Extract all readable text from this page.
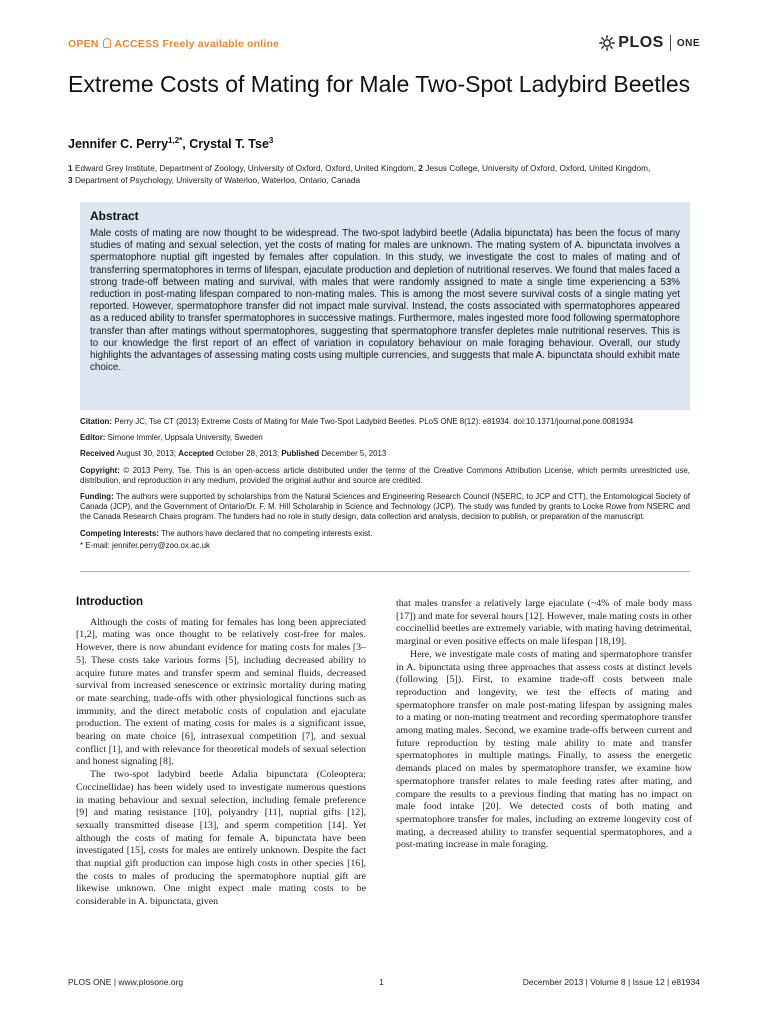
OPEN ACCESS Freely available online	PLOS ONE
Extreme Costs of Mating for Male Two-Spot Ladybird Beetles
Jennifer C. Perry$^{1,2*}$, Crystal T. Tse$^3$
1 Edward Grey Institute, Department of Zoology, University of Oxford, Oxford, United Kingdom, 2 Jesus College, University of Oxford, Oxford, United Kingdom,
3 Department of Psychology, University of Waterloo, Waterloo, Ontario, Canada
Abstract

Male costs of mating are now thought to be widespread. The two-spot ladybird beetle (Adalia bipunctata) has been the focus of many studies of mating and sexual selection, yet the costs of mating for males are unknown. The mating system of A. bipunctata involves a spermatophore nuptial gift ingested by females after copulation. In this study, we investigate the cost to males of mating and of transferring spermatophores in terms of lifespan, ejaculate production and depletion of nutritional reserves. We found that males faced a strong trade-off between mating and survival, with males that were randomly assigned to mate a single time experiencing a 53% reduction in post-mating lifespan compared to non-mating males. This is among the most severe survival costs of a single mating yet reported. However, spermatophore transfer did not impact male survival. Instead, the costs associated with spermatophores appeared as a reduced ability to transfer spermatophores in successive matings. Furthermore, males ingested more food following spermatophore transfer than after matings without spermatophores, suggesting that spermatophore transfer depletes male nutritional reserves. This is to our knowledge the first report of an effect of variation in copulatory behaviour on male foraging behaviour. Overall, our study highlights the advantages of assessing mating costs using multiple currencies, and suggests that male A. bipunctata should exhibit mate choice.

Citation: Perry JC, Tse CT (2013) Extreme Costs of Mating for Male Two-Spot Ladybird Beetles. PLoS ONE 8(12): e81934. doi:10.1371/journal.pone.0081934
Editor: Simone Immler, Uppsala University, Sweden
Received August 30, 2013; Accepted October 28, 2013; Published December 5, 2013
Copyright: © 2013 Perry, Tse. This is an open-access article distributed under the terms of the Creative Commons Attribution License, which permits unrestricted use, distribution, and reproduction in any medium, provided the original author and source are credited.
Funding: The authors were supported by scholarships from the Natural Sciences and Engineering Research Council (NSERC, to JCP and CTT), the Entomological Society of Canada (JCP), and the Government of Ontario/Dr. F. M. Hill Scholarship in Science and Technology (JCP). The study was funded by grants to Locke Rowe from NSERC and the Canada Research Chairs program. The funders had no role in study design, data collection and analysis, decision to publish, or preparation of the manuscript.
Competing Interests: The authors have declared that no competing interests exist.
* E-mail: jennifer.perry@zoo.ox.ac.uk
Introduction

Although the costs of mating for females has long been appreciated [1,2], mating was once thought to be relatively cost-free for males. However, there is now abundant evidence for mating costs for males [3–5]. These costs take various forms [5], including decreased ability to acquire future mates and transfer sperm and seminal fluids, decreased survival from increased senescence or extrinsic mortality during mating or mate searching, trade-offs with other physiological functions such as immunity, and the direct metabolic costs of copulation and ejaculate production. The extent of mating costs for males is a significant issue, bearing on mate choice [6], intrasexual competition [7], and sexual conflict [1], and with relevance for theoretical models of sexual selection and honest signaling [8].

The two-spot ladybird beetle Adalia bipunctata (Coleoptera: Coccinellidae) has been widely used to investigate numerous questions in mating behaviour and sexual selection, including female preference [9] and mating resistance [10], polyandry [11], nuptial gifts [12], sexually transmitted disease [13], and sperm competition [14]. Yet although the costs of mating for female A. bipunctata have been investigated [15], costs for males are entirely unknown. Despite the fact that nuptial gift production can impose high costs in other species [16], the costs to males of producing the spermatophore nuptial gift are likewise unknown. One might expect male mating costs to be considerable in A. bipunctata, given

that males transfer a relatively large ejaculate (~4% of male body mass [17]) and mate for several hours [12]. However, male mating costs in other coccinellid beetles are extremely variable, with mating having detrimental, marginal or even positive effects on male lifespan [18,19].

Here, we investigate male costs of mating and spermatophore transfer in A. bipunctata using three approaches that assess costs at distinct levels (following [5]). First, to examine trade-off costs between male reproduction and longevity, we test the effects of mating and spermatophore transfer on male post-mating lifespan by assigning males to a mating or non-mating treatment and recording spermatophore transfer among mating males. Second, we examine trade-offs between current and future reproduction by testing male ability to mate and transfer spermatophores in multiple matings. Finally, to assess the energetic demands placed on males by spermatophore transfer, we examine how spermatophore transfer relates to male feeding rates after mating, and compare the results to a previous finding that mating has no impact on male food intake [20]. We detected costs of both mating and spermatophore transfer for males, including an extreme longevity cost of mating, a decreased ability to transfer sequential spermatophores, and a post-mating increase in male foraging.

PLOS ONE | www.plosone.org	1	December 2013 | Volume 8 | Issue 12 | e81934
